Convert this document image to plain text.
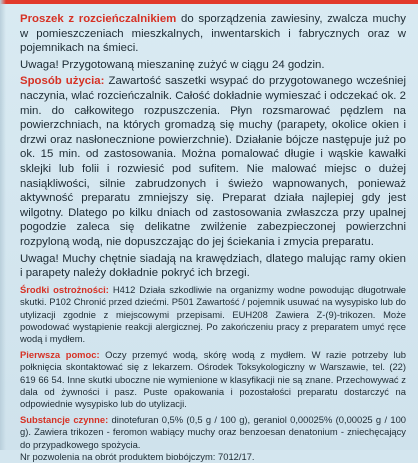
Proszek z rozcieńczalnikiem do sporządzenia zawiesiny, zwalcza muchy w pomieszczeniach mieszkalnych, inwentarskich i fabrycznych oraz w pojemnikach na śmieci.

Uwaga! Przygotowaną mieszaninę zużyć w ciągu 24 godzin.

Sposób użycia: Zawartość saszetki wsypać do przygotowanego wcześniej naczynia, wlać rozcieńczalnik. Całość dokładnie wymieszać i odczekać ok. 2 min. do całkowitego rozpuszczenia. Płyn rozsmarować pędzlem na powierzchniach, na których gromadzą się muchy (parapety, okolice okien i drzwi oraz nasłonecznione powierzchnie). Działanie bójcze następuje już po ok. 15 min. od zastosowania. Można pomalować długie i wąskie kawałki sklejki lub folii i rozwiesić pod sufitem. Nie malować miejsc o dużej nasiąkliwości, silnie zabrudzonych i świeżo wapnowanych, ponieważ aktywność preparatu zmniejszy się. Preparat działa najlepiej gdy jest wilgotny. Dlatego po kilku dniach od zastosowania zwłaszcza przy upalnej pogodzie zaleca się delikatne zwilżenie zabezpieczonej powierzchni rozpyloną wodą, nie dopuszczając do jej ściekania i zmycia preparatu.

Uwaga! Muchy chętnie siadają na krawędziach, dlatego malując ramy okien i parapety należy dokładnie pokryć ich brzegi.

Środki ostrożności: H412 Działa szkodliwie na organizmy wodne powodując długotrwałe skutki. P102 Chronić przed dziećmi. P501 Zawartość / pojemnik usuwać na wysypisko lub do utylizacji zgodnie z miejscowymi przepisami. EUH208 Zawiera Z-(9)-trikozen. Może powodować wystąpienie reakcji alergicznej. Po zakończeniu pracy z preparatem umyć ręce wodą i mydłem.

Pierwsza pomoc: Oczy przemyć wodą, skórę wodą z mydłem. W razie potrzeby lub połknięcia skontaktować się z lekarzem. Ośrodek Toksykologiczny w Warszawie, tel. (22) 619 66 54. Inne skutki uboczne nie wymienione w klasyfikacji nie są znane. Przechowywać z dala od żywności i pasz. Puste opakowania i pozostałości preparatu dostarczyć na odpowiednie wysypisko lub do utylizacji.

Substancje czynne: dinotefuran 0,5% (0,5 g / 100 g), geraniol 0,00025% (0,00025 g / 100 g). Zawiera trikozen - feromon wabiący muchy oraz benzoesan denatonium - zniechęcający do przypadkowego spożycia.

Nr pozwolenia na obrót produktem biobójczym: 7012/17.
